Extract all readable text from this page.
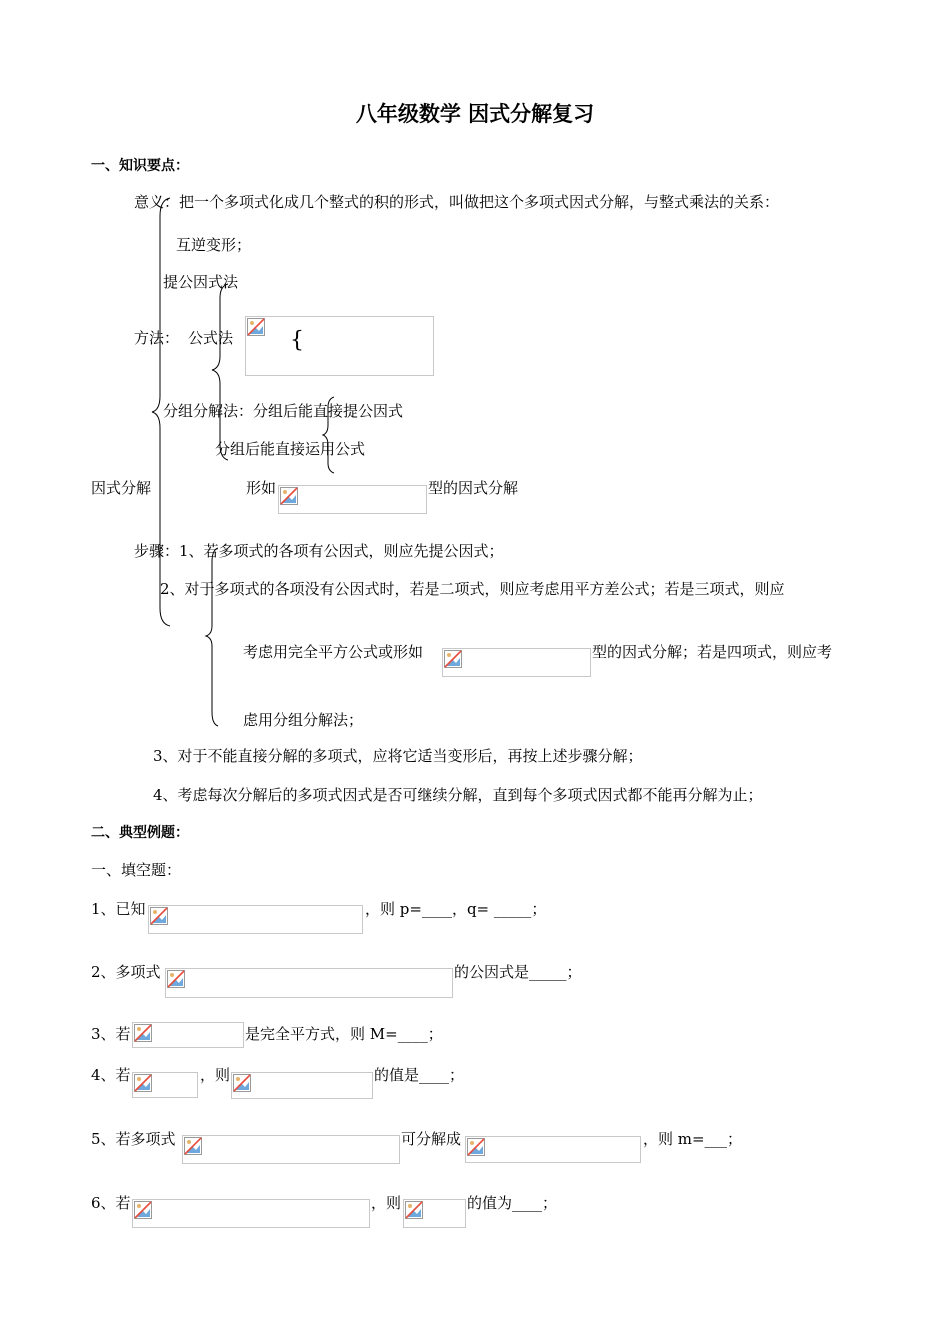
八年级数学 因式分解复习
一、知识要点：
意义：把一个多项式化成几个整式的积的形式，叫做把这个多项式因式分解，与整式乘法的关系：
互逆变形；
提公因式法
方法： 公式法	{
分组分解法：分组后能直接提公因式
分组后能直接运用公式
因式分解	形如	型的因式分解
步骤：1、若多项式的各项有公因式，则应先提公因式；
2、对于多项式的各项没有公因式时，若是二项式，则应考虑用平方差公式；若是三项式，则应
考虑用完全平方公式或形如	型的因式分解；若是四项式，则应考
虑用分组分解法；
3、对于不能直接分解的多项式，应将它适当变形后，再按上述步骤分解；
4、考虑每次分解后的多项式因式是否可继续分解，直到每个多项式因式都不能再分解为止；
二、典型例题：
一、填空题：
1、已知	，则 p=____，q= _____；
2、多项式	的公因式是_____；
3、若	是完全平方式，则 M=____；
4、若	，则	的值是____；
5、若多项式	可分解成	，则 m=___；
6、若	，则	的值为____；
